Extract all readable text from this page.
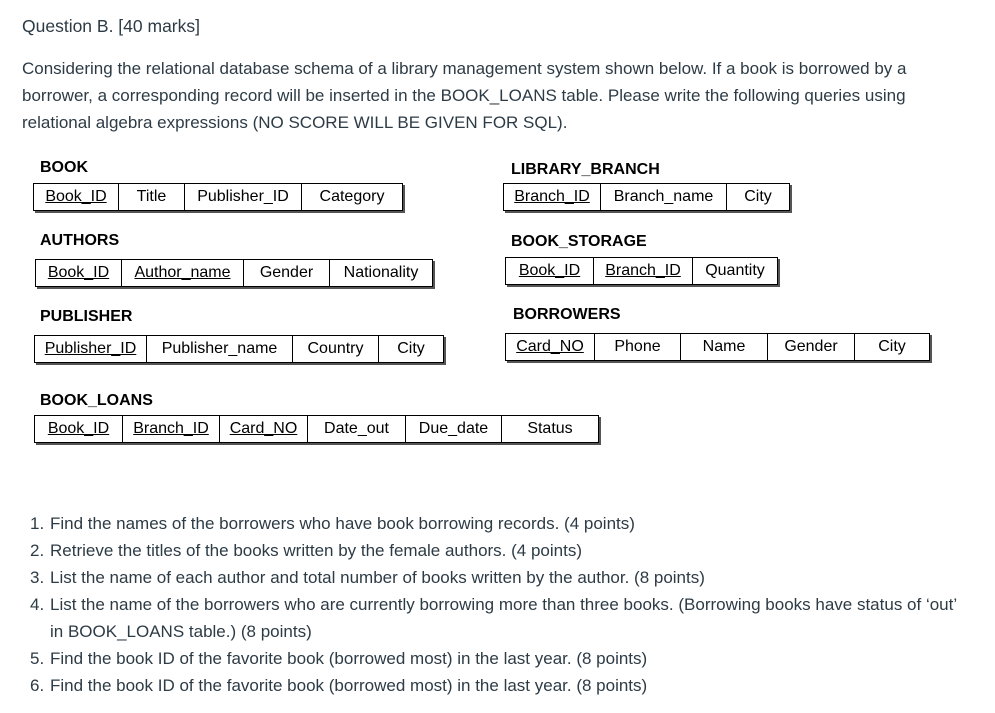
Question B. [40 marks]

Considering the relational database schema of a library management system shown below. If a book is borrowed by a borrower, a corresponding record will be inserted in the BOOK_LOANS table. Please write the following queries using relational algebra expressions (NO SCORE WILL BE GIVEN FOR SQL).

BOOK
Book_ID	Title	Publisher_ID	Category
AUTHORS
Book_ID	Author_name	Gender	Nationality
PUBLISHER
Publisher_ID	Publisher_name	Country	City
BOOK_LOANS
Book_ID	Branch_ID	Card_NO	Date_out	Due_date	Status
LIBRARY_BRANCH
Branch_ID	Branch_name	City
BOOK_STORAGE
Book_ID	Branch_ID	Quantity
BORROWERS
Card_NO	Phone	Name	Gender	City
1. Find the names of the borrowers who have book borrowing records. (4 points)
2. Retrieve the titles of the books written by the female authors. (4 points)
3. List the name of each author and total number of books written by the author. (8 points)
4. List the name of the borrowers who are currently borrowing more than three books. (Borrowing books have status of ‘out’ in BOOK_LOANS table.) (8 points)
5. Find the book ID of the favorite book (borrowed most) in the last year. (8 points)
6. Find the book ID of the favorite book (borrowed most) in the last year. (8 points)
